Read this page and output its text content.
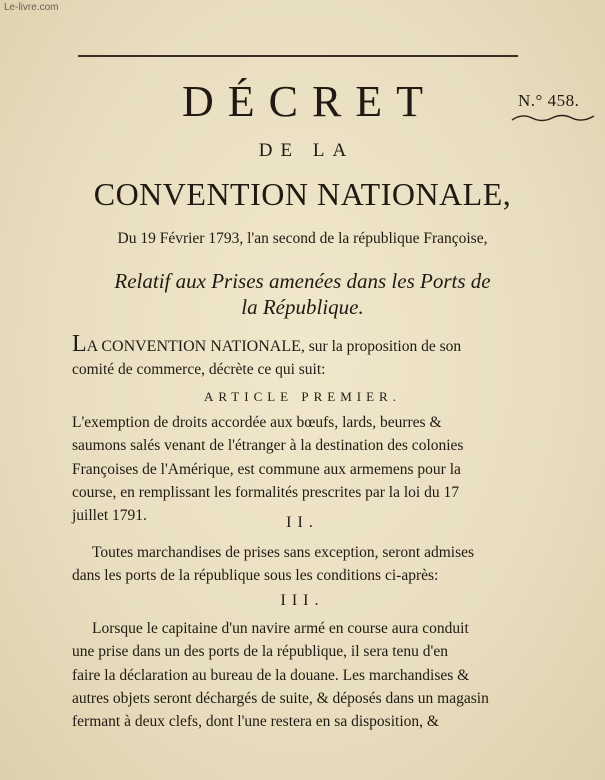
Le-livre.com
N.° 458.
DÉCRET
DE LA
CONVENTION NATIONALE,
Du 19 Février 1793, l'an second de la république Françoise,
Relatif aux Prises amenées dans les Ports de
la République.
LA CONVENTION NATIONALE, sur la proposition de son
comité de commerce, décrète ce qui suit:
ARTICLE PREMIER.
L'exemption de droits accordée aux bœufs, lards, beurres &
saumons salés venant de l'étranger à la destination des colonies
Françoises de l'Amérique, est commune aux armemens pour la
course, en remplissant les formalités prescrites par la loi du 17
juillet 1791.	II.
Toutes marchandises de prises sans exception, seront admises
dans les ports de la république sous les conditions ci-après:
III.
Lorsque le capitaine d'un navire armé en course aura conduit
une prise dans un des ports de la république, il sera tenu d'en
faire la déclaration au bureau de la douane. Les marchandises &
autres objets seront déchargés de suite, & déposés dans un magasin
fermant à deux clefs, dont l'une restera en sa disposition, &
